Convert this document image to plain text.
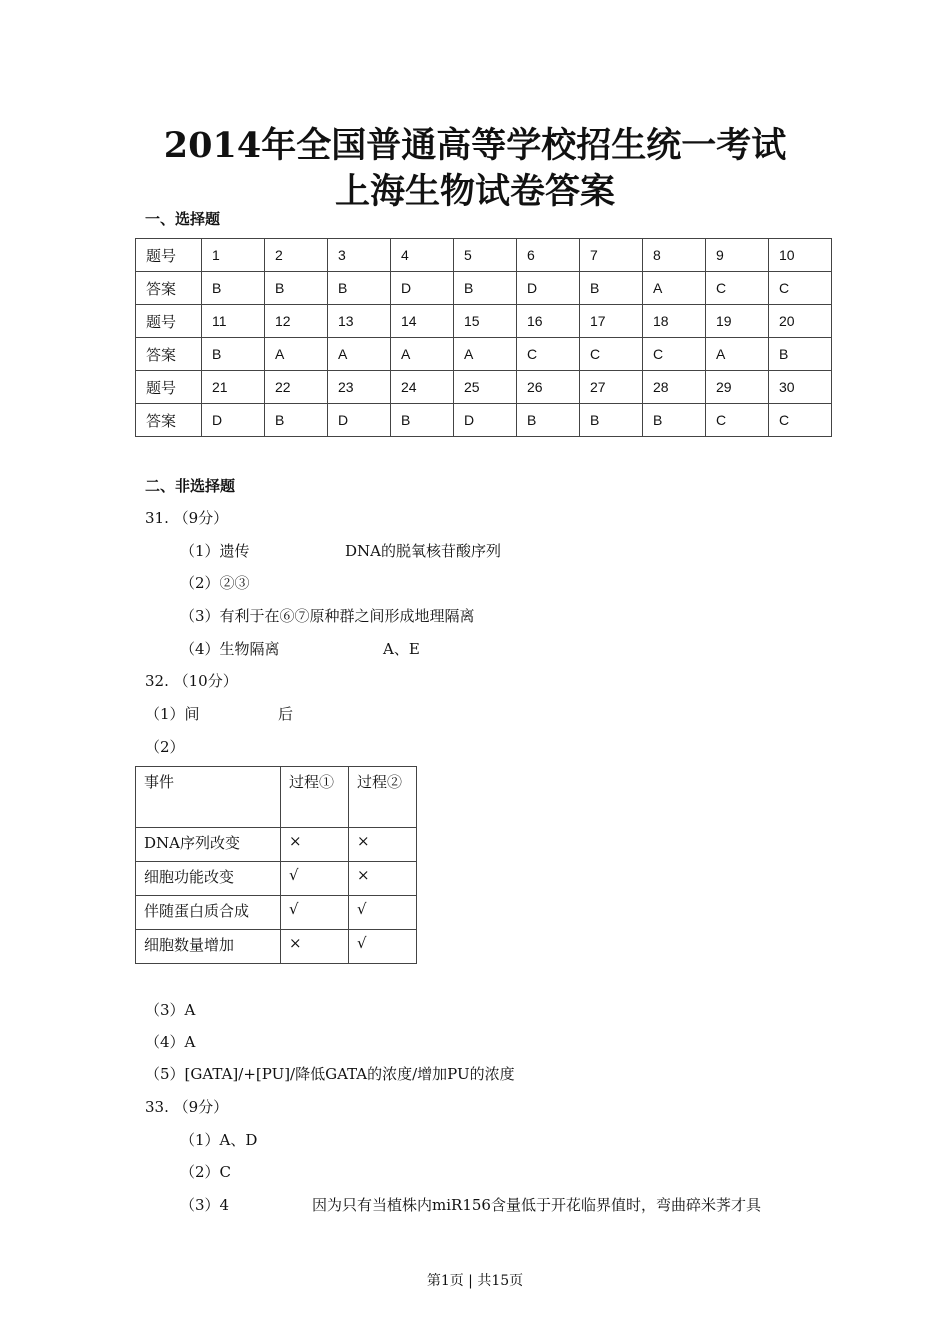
2014年全国普通高等学校招生统一考试
上海生物试卷答案
一、选择题
题号	1	2	3	4	5	6	7	8	9	10
答案	B	B	B	D	B	D	B	A	C	C
题号	11	12	13	14	15	16	17	18	19	20
答案	B	A	A	A	A	C	C	C	A	B
题号	21	22	23	24	25	26	27	28	29	30
答案	D	B	D	B	D	B	B	B	C	C
二、非选择题
31. （9分）
（1）遗传	DNA的脱氧核苷酸序列
（2）②③
（3）有利于在⑥⑦原种群之间形成地理隔离
（4）生物隔离	A、E
32. （10分）
（1）间	后
（2）
事件	过程①	过程②
DNA序列改变	×	×
细胞功能改变	√	×
伴随蛋白质合成	√	√
细胞数量增加	×	√
（3）A
（4）A
（5）[GATA]/+[PU]/降低GATA的浓度/增加PU的浓度
33. （9分）
（1）A、D
（2）C
（3）4	因为只有当植株内miR156含量低于开花临界值时，弯曲碎米荠才具
第1页 | 共15页
